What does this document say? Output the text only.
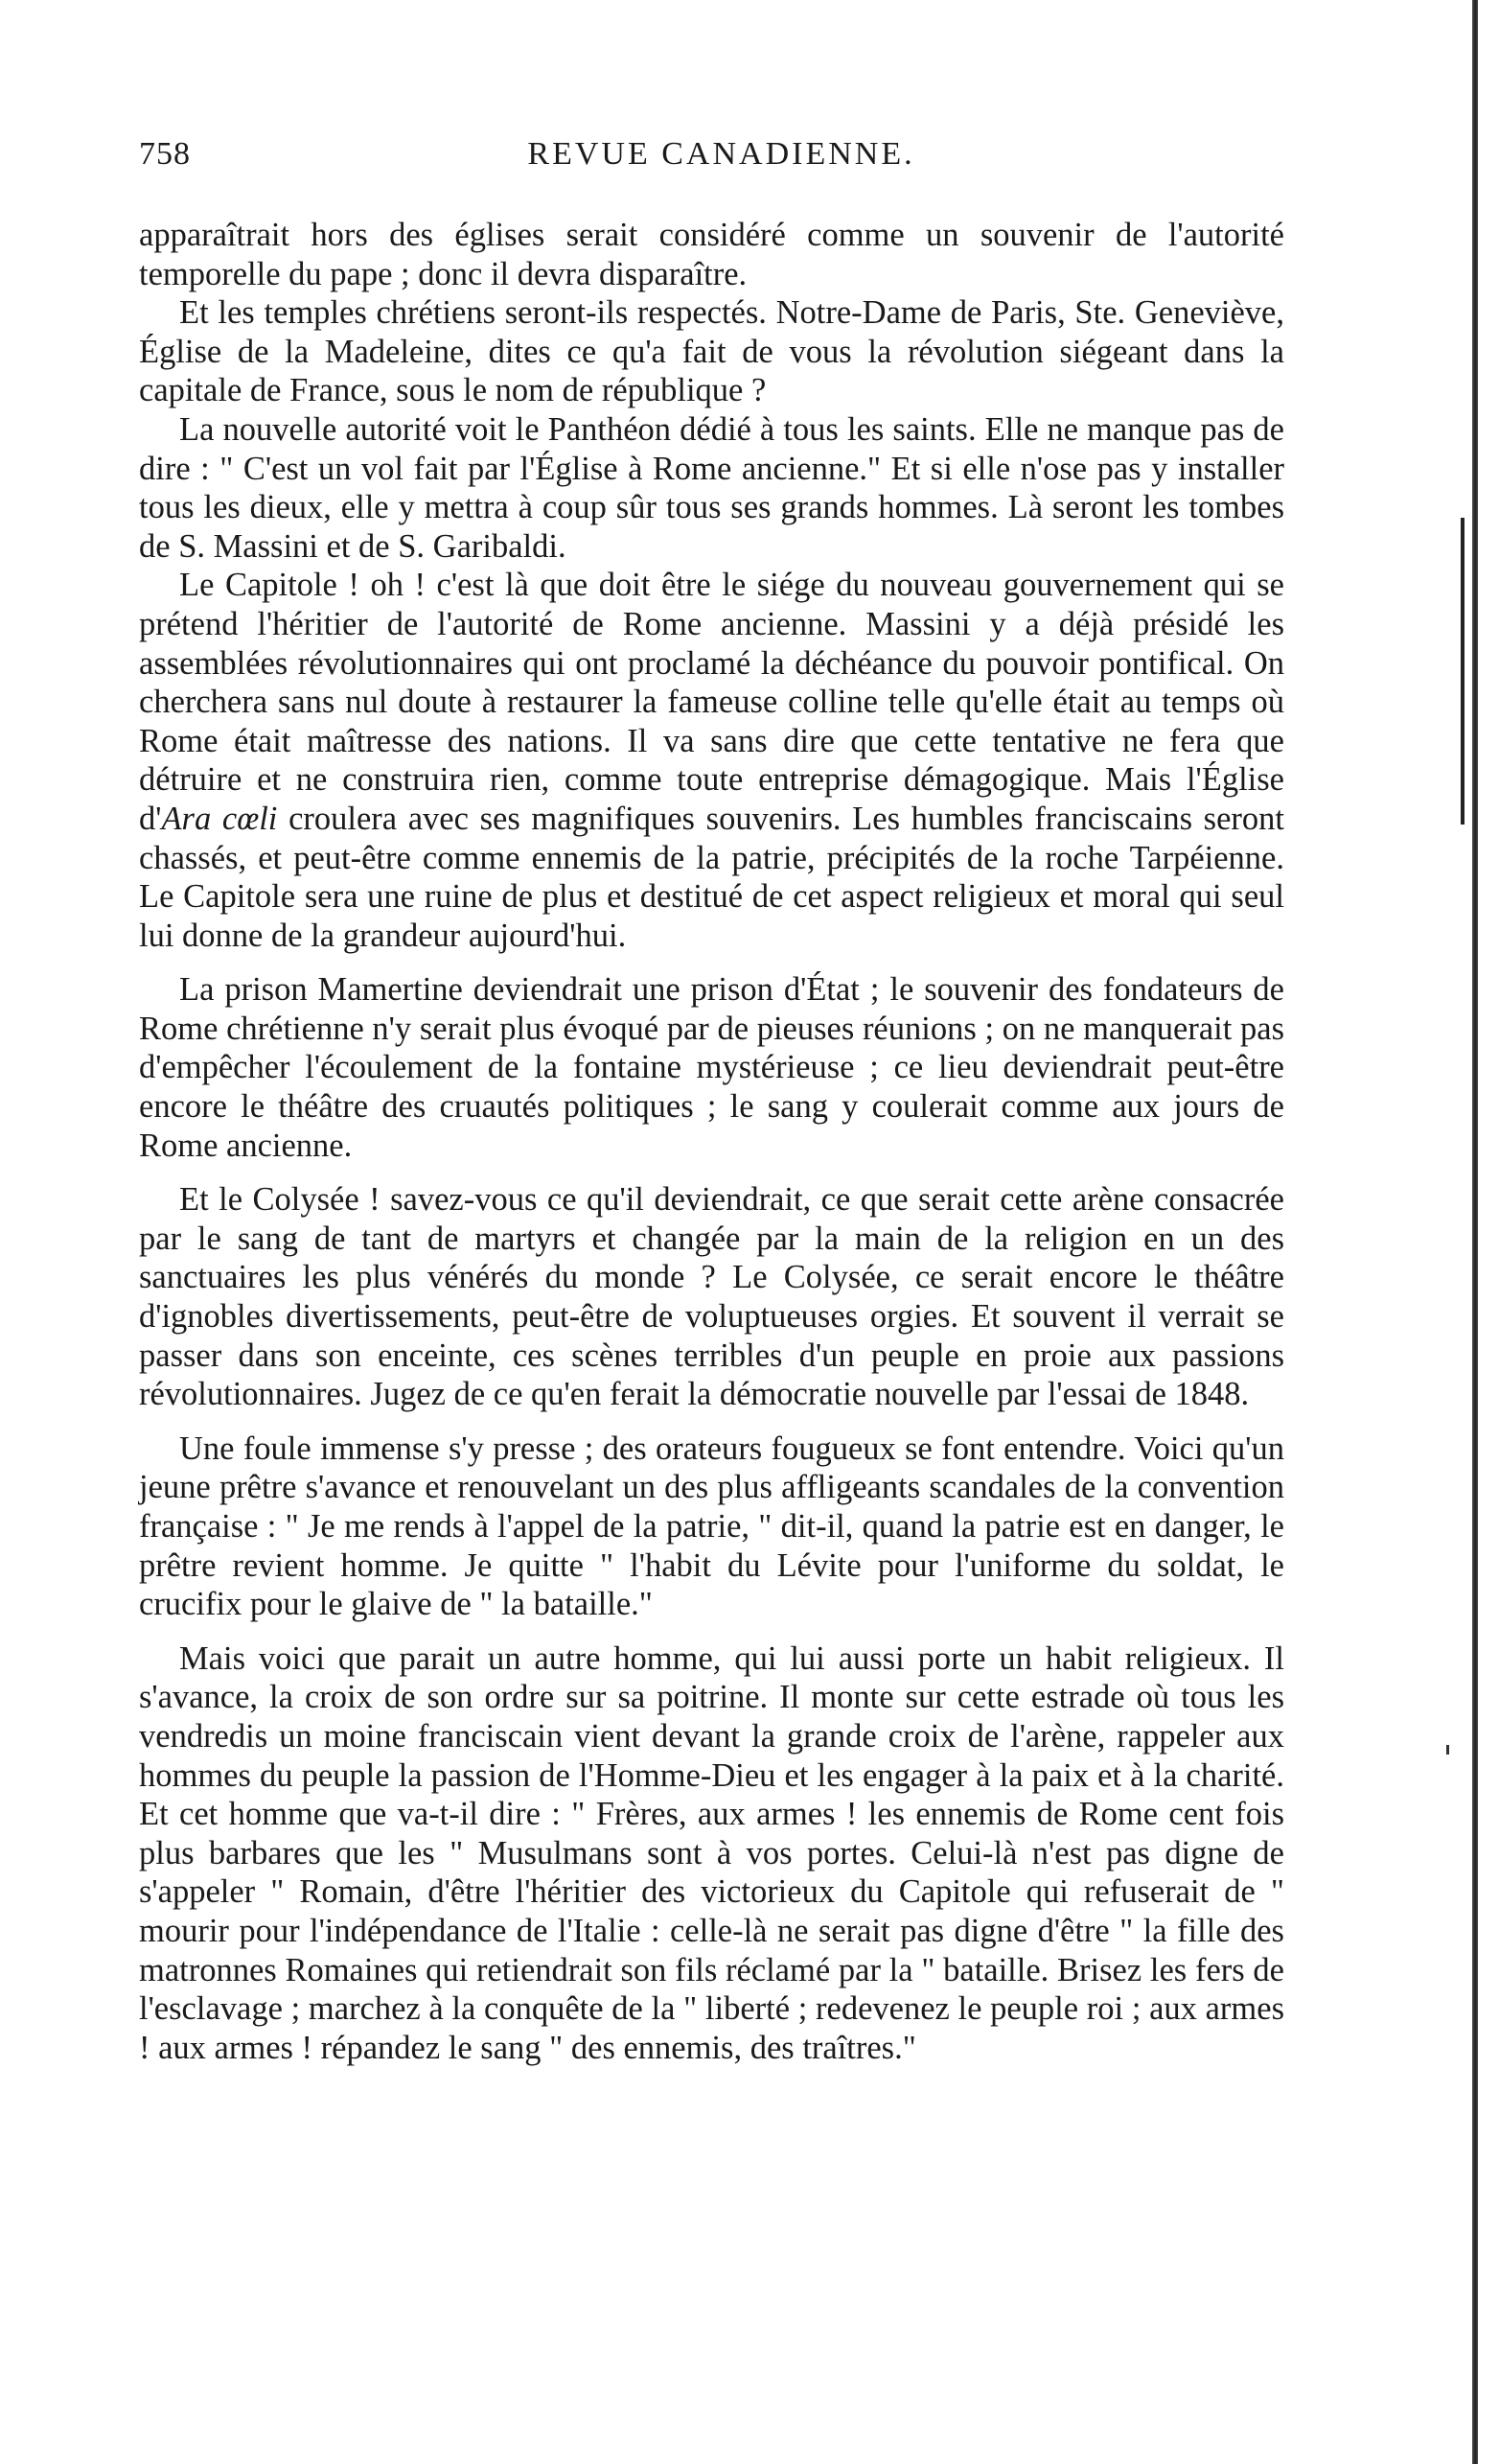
758	REVUE CANADIENNE.

apparaîtrait hors des églises serait considéré comme un souvenir de l'autorité temporelle du pape ; donc il devra disparaître.

Et les temples chrétiens seront-ils respectés. Notre-Dame de Paris, Ste. Geneviève, Église de la Madeleine, dites ce qu'a fait de vous la révolution siégeant dans la capitale de France, sous le nom de république ?

La nouvelle autorité voit le Panthéon dédié à tous les saints. Elle ne manque pas de dire : " C'est un vol fait par l'Église à Rome ancienne." Et si elle n'ose pas y installer tous les dieux, elle y mettra à coup sûr tous ses grands hommes. Là seront les tombes de S. Massini et de S. Garibaldi.

Le Capitole ! oh ! c'est là que doit être le siége du nouveau gouvernement qui se prétend l'héritier de l'autorité de Rome ancienne. Massini y a déjà présidé les assemblées révolutionnaires qui ont proclamé la déchéance du pouvoir pontifical. On cherchera sans nul doute à restaurer la fameuse colline telle qu'elle était au temps où Rome était maîtresse des nations. Il va sans dire que cette tentative ne fera que détruire et ne construira rien, comme toute entreprise démagogique. Mais l'Église d'Ara cœli croulera avec ses magnifiques souvenirs. Les humbles franciscains seront chassés, et peut-être comme ennemis de la patrie, précipités de la roche Tarpéienne. Le Capitole sera une ruine de plus et destitué de cet aspect religieux et moral qui seul lui donne de la grandeur aujourd'hui.

La prison Mamertine deviendrait une prison d'État ; le souvenir des fondateurs de Rome chrétienne n'y serait plus évoqué par de pieuses réunions ; on ne manquerait pas d'empêcher l'écoulement de la fontaine mystérieuse ; ce lieu deviendrait peut-être encore le théâtre des cruautés politiques ; le sang y coulerait comme aux jours de Rome ancienne.

Et le Colysée ! savez-vous ce qu'il deviendrait, ce que serait cette arène consacrée par le sang de tant de martyrs et changée par la main de la religion en un des sanctuaires les plus vénérés du monde ? Le Colysée, ce serait encore le théâtre d'ignobles divertissements, peut-être de voluptueuses orgies. Et souvent il verrait se passer dans son enceinte, ces scènes terribles d'un peuple en proie aux passions révolutionnaires. Jugez de ce qu'en ferait la démocratie nouvelle par l'essai de 1848.

Une foule immense s'y presse ; des orateurs fougueux se font entendre. Voici qu'un jeune prêtre s'avance et renouvelant un des plus affligeants scandales de la convention française : " Je me rends à l'appel de la patrie, " dit-il, quand la patrie est en danger, le prêtre revient homme. Je quitte " l'habit du Lévite pour l'uniforme du soldat, le crucifix pour le glaive de " la bataille."

Mais voici que parait un autre homme, qui lui aussi porte un habit religieux. Il s'avance, la croix de son ordre sur sa poitrine. Il monte sur cette estrade où tous les vendredis un moine franciscain vient devant la grande croix de l'arène, rappeler aux hommes du peuple la passion de l'Homme-Dieu et les engager à la paix et à la charité. Et cet homme que va-t-il dire : " Frères, aux armes ! les ennemis de Rome cent fois plus barbares que les " Musulmans sont à vos portes. Celui-là n'est pas digne de s'appeler " Romain, d'être l'héritier des victorieux du Capitole qui refuserait de " mourir pour l'indépendance de l'Italie : celle-là ne serait pas digne d'être " la fille des matronnes Romaines qui retiendrait son fils réclamé par la " bataille. Brisez les fers de l'esclavage ; marchez à la conquête de la " liberté ; redevenez le peuple roi ; aux armes ! aux armes ! répandez le sang " des ennemis, des traîtres."
